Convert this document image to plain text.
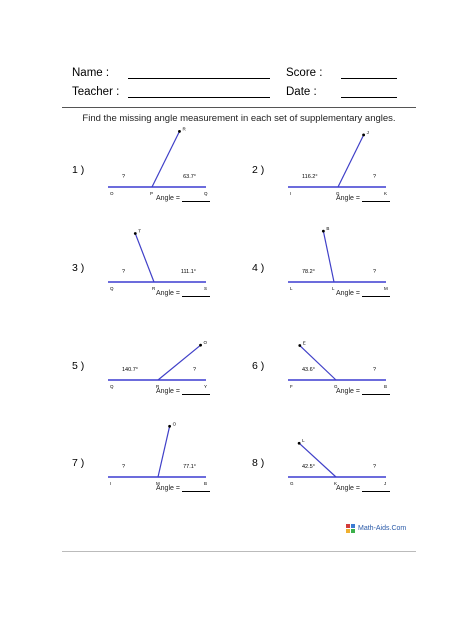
Name :	Score :
Teacher :	Date :
Find the missing angle measurement in each set of supplementary angles.
1 )
R
O	P	Q
?	63.7°
Angle =
2 )
J
I	G	K
116.2°	?
Angle =
3 )
T
Q	R	S
?	111.1°
Angle =
4 )
B
L	L	M
78.2°	?
Angle =
5 )
O
Q	R	Y
140.7°	?
Angle =
6 )
E
F	G	B
43.6°	?
Angle =
7 )
O
I	M	B
?	77.1°
Angle =
8 )
L
G	K	J
42.5°	?
Angle =
Math-Aids.Com
